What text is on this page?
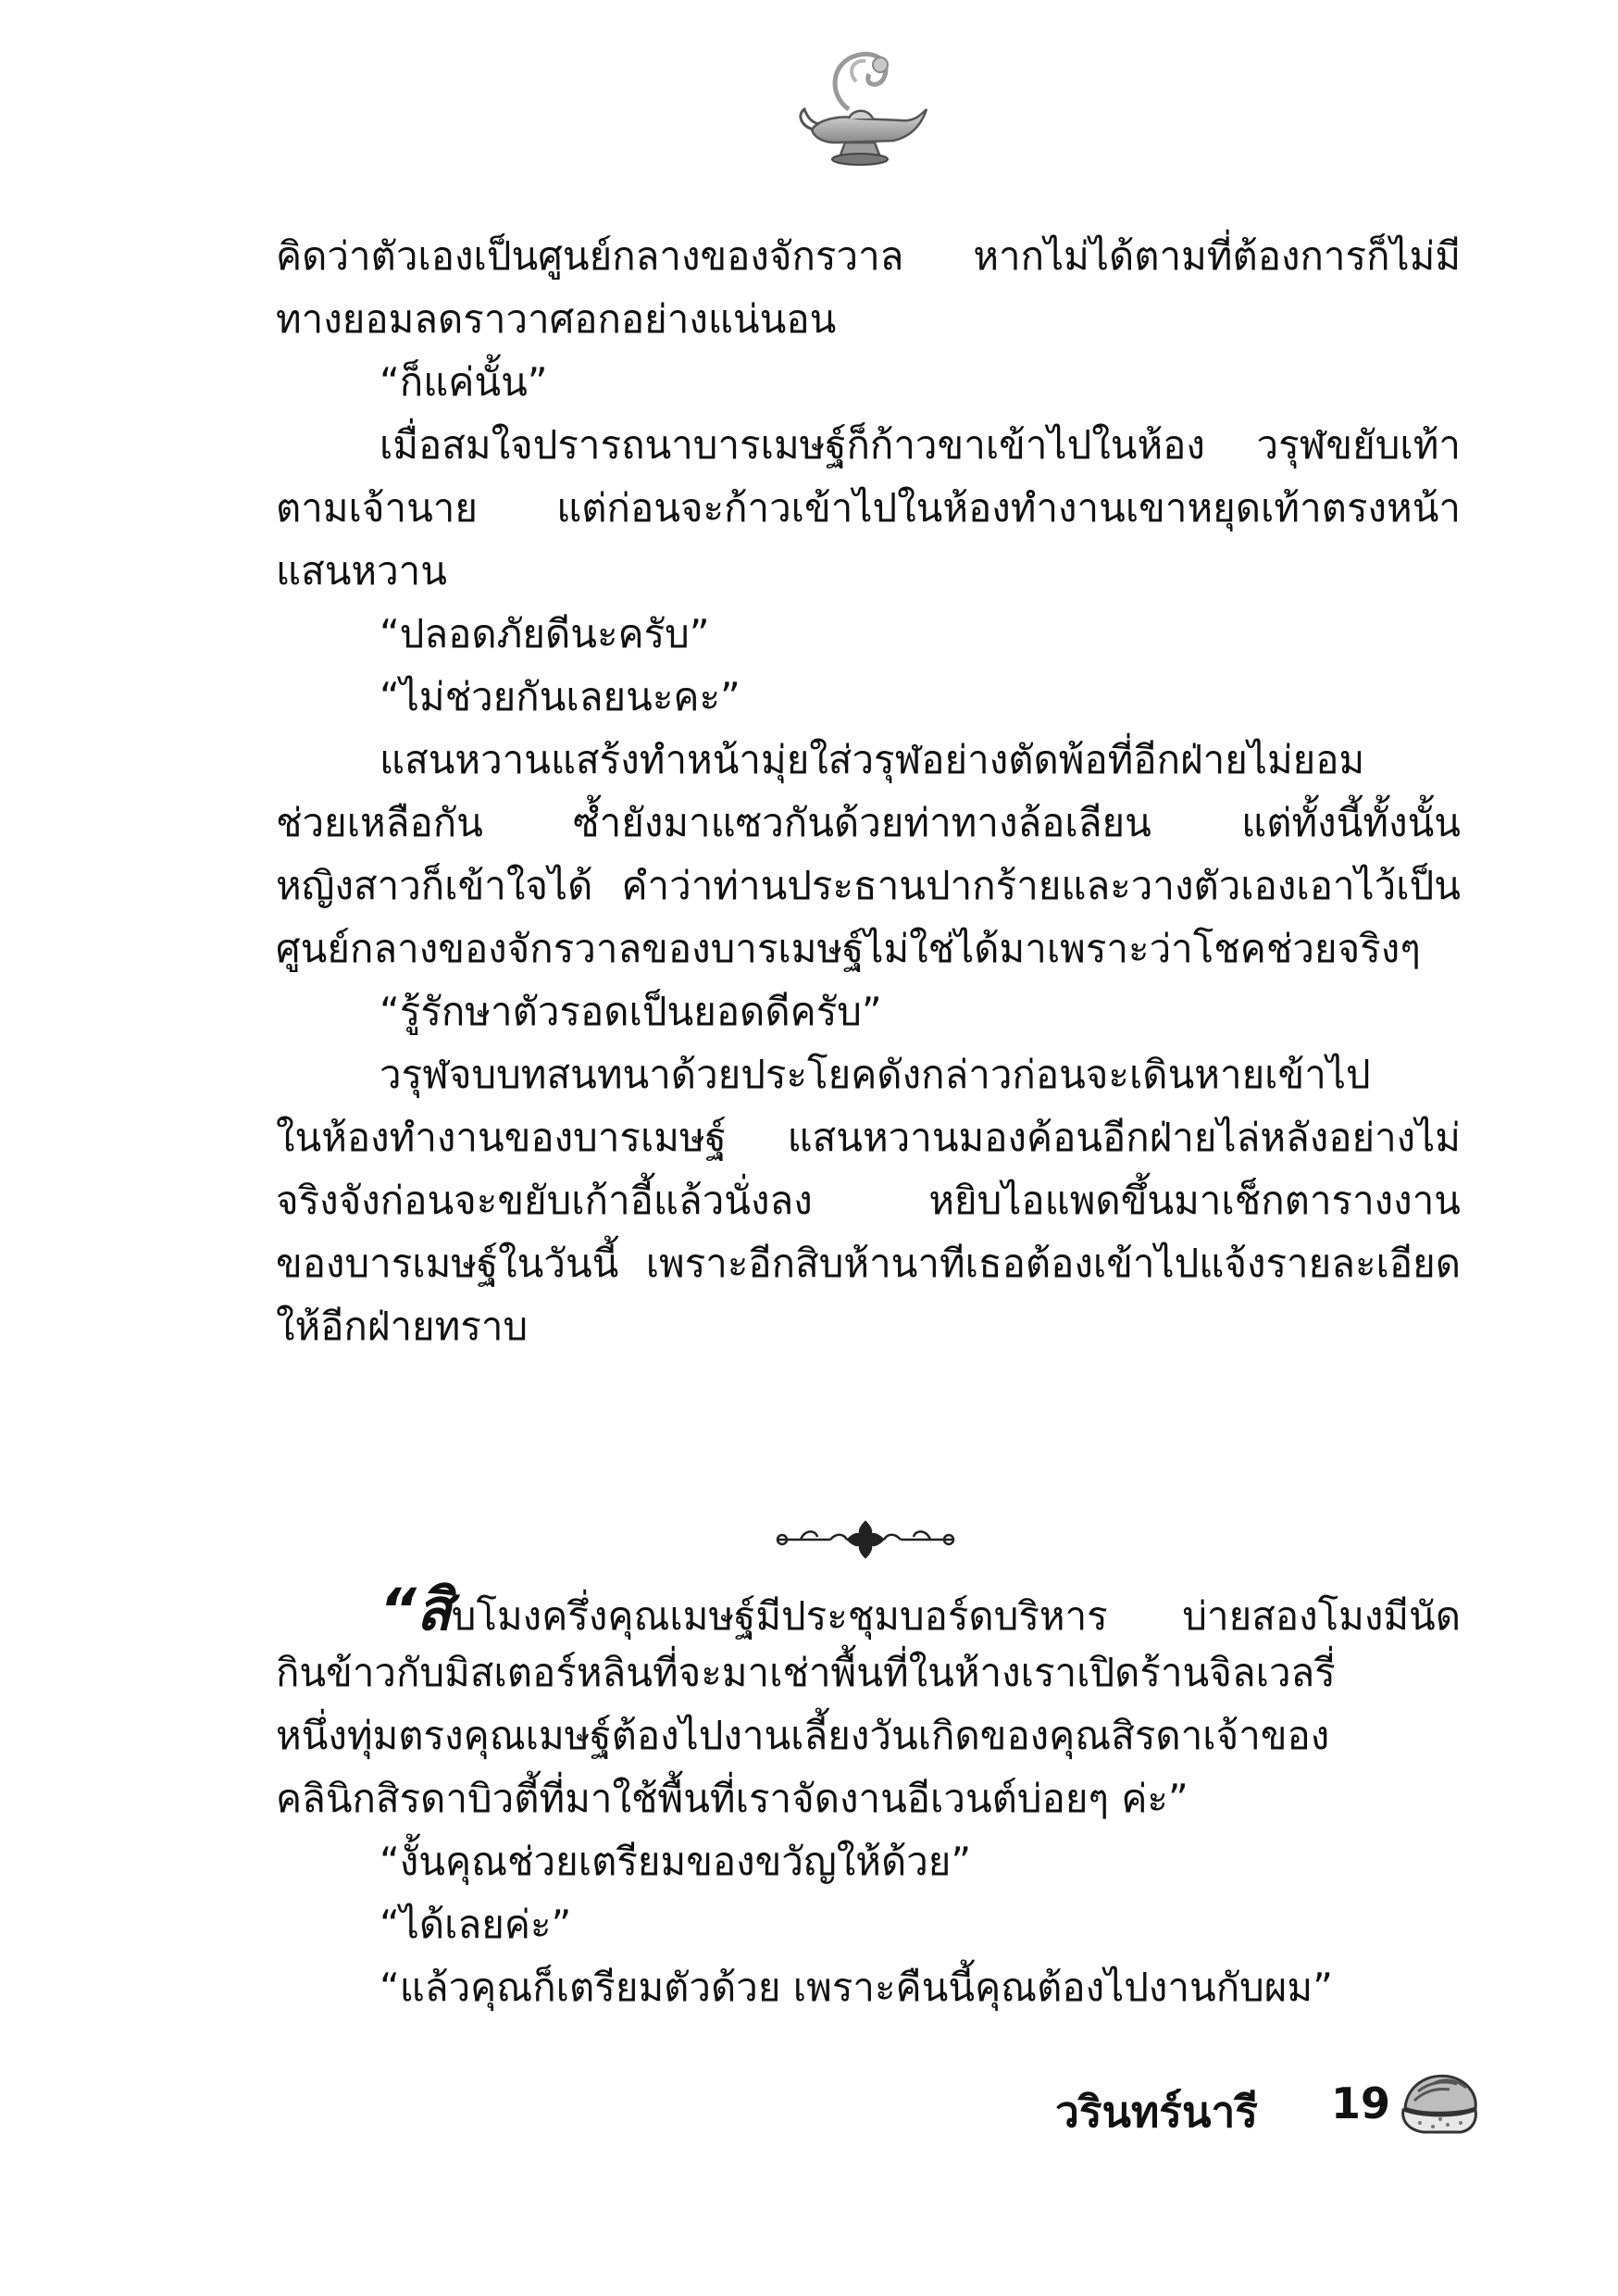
คิดว่าตัวเองเป็นศูนย์กลางของจักรวาล หากไม่ได้ตามที่ต้องการก็ไม่มี
ทางยอมลดราวาศอกอย่างแน่นอน
“ก็แค่นั้น”
เมื่อสมใจปรารถนาบารเมษฐ์ก็ก้าวขาเข้าไปในห้อง วรุฬขยับเท้า
ตามเจ้านาย แต่ก่อนจะก้าวเข้าไปในห้องทำงานเขาหยุดเท้าตรงหน้า
แสนหวาน
“ปลอดภัยดีนะครับ”
“ไม่ช่วยกันเลยนะคะ”
แสนหวานแสร้งทำหน้ามุ่ยใส่วรุฬอย่างตัดพ้อที่อีกฝ่ายไม่ยอม
ช่วยเหลือกัน ซ้ำยังมาแซวกันด้วยท่าทางล้อเลียน แต่ทั้งนี้ทั้งนั้น
หญิงสาวก็เข้าใจได้ คำว่าท่านประธานปากร้ายและวางตัวเองเอาไว้เป็น
ศูนย์กลางของจักรวาลของบารเมษฐ์ไม่ใช่ได้มาเพราะว่าโชคช่วยจริงๆ
“รู้รักษาตัวรอดเป็นยอดดีครับ”
วรุฬจบบทสนทนาด้วยประโยคดังกล่าวก่อนจะเดินหายเข้าไป
ในห้องทำงานของบารเมษฐ์ แสนหวานมองค้อนอีกฝ่ายไล่หลังอย่างไม่
จริงจังก่อนจะขยับเก้าอี้แล้วนั่งลง หยิบไอแพดขึ้นมาเช็กตารางงาน
ของบารเมษฐ์ในวันนี้ เพราะอีกสิบห้านาทีเธอต้องเข้าไปแจ้งรายละเอียด
ให้อีกฝ่ายทราบ
“สิบโมงครึ่งคุณเมษฐ์มีประชุมบอร์ดบริหาร บ่ายสองโมงมีนัด
กินข้าวกับมิสเตอร์หลินที่จะมาเช่าพื้นที่ในห้างเราเปิดร้านจิลเวลรี่
หนึ่งทุ่มตรงคุณเมษฐ์ต้องไปงานเลี้ยงวันเกิดของคุณสิรดาเจ้าของ
คลินิกสิรดาบิวตี้ที่มาใช้พื้นที่เราจัดงานอีเวนต์บ่อยๆ ค่ะ”
“งั้นคุณช่วยเตรียมของขวัญให้ด้วย”
“ได้เลยค่ะ”
“แล้วคุณก็เตรียมตัวด้วย เพราะคืนนี้คุณต้องไปงานกับผม”
วรินทร์นารี 19
